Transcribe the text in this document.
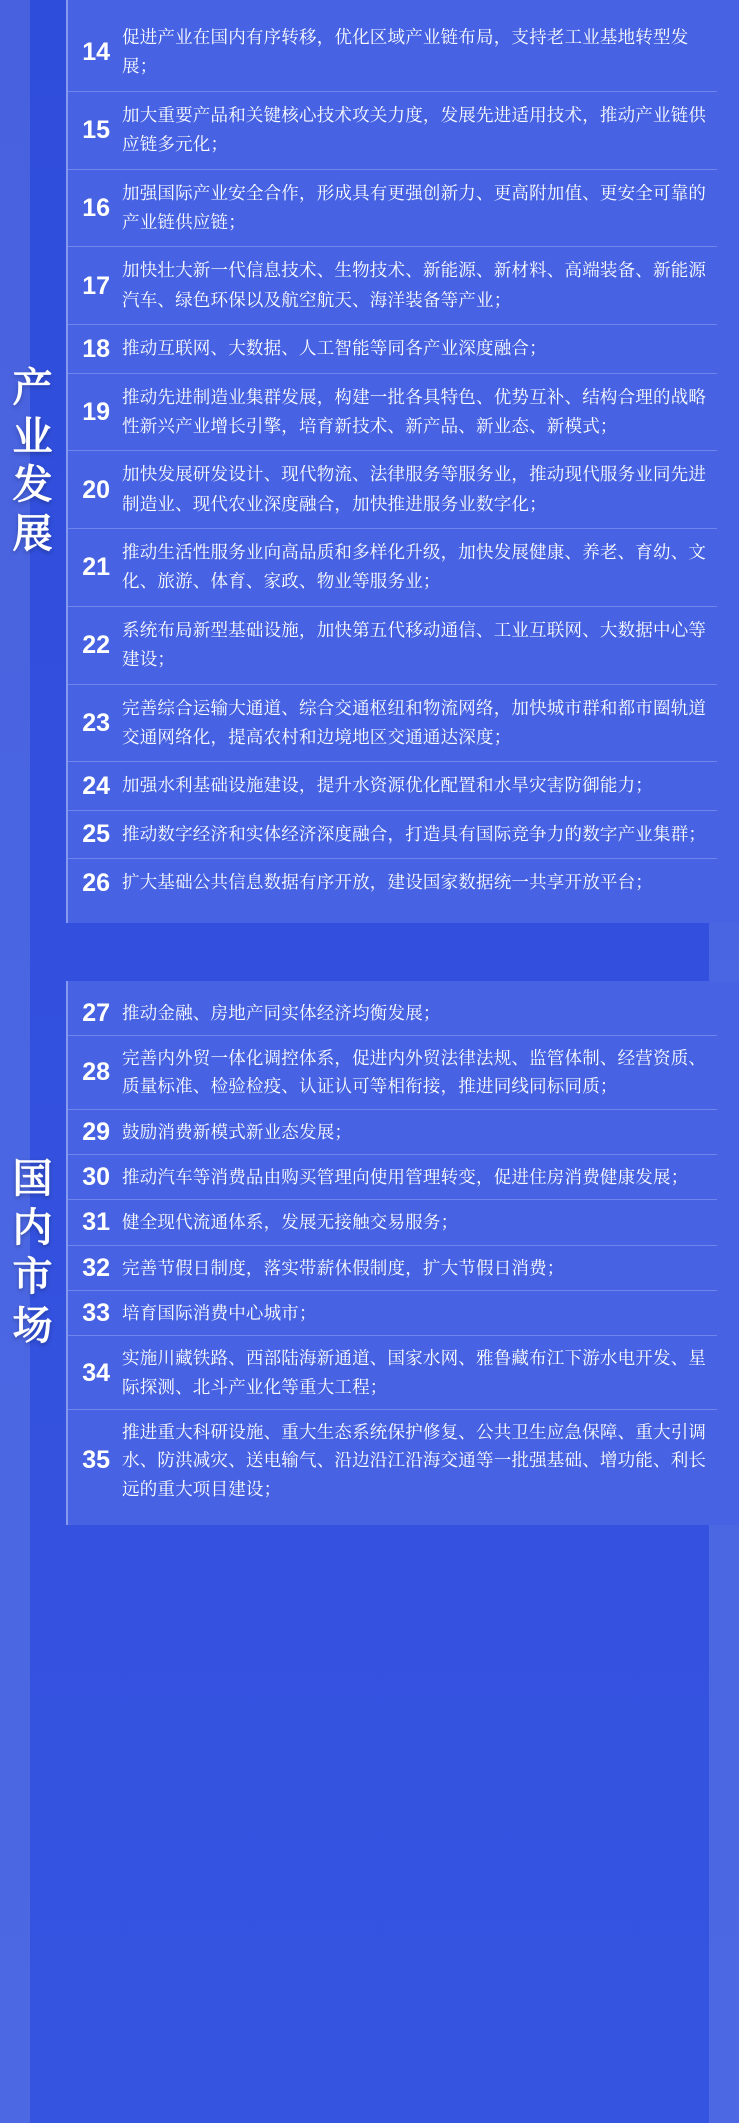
产
业
发
展
14
促进产业在国内有序转移，优化区域产业链布局，支持老工业基地转型发展；
15
加大重要产品和关键核心技术攻关力度，发展先进适用技术，推动产业链供应链多元化；
16
加强国际产业安全合作，形成具有更强创新力、更高附加值、更安全可靠的产业链供应链；
17
加快壮大新一代信息技术、生物技术、新能源、新材料、高端装备、新能源汽车、绿色环保以及航空航天、海洋装备等产业；
18 推动互联网、大数据、人工智能等同各产业深度融合；
19
推动先进制造业集群发展，构建一批各具特色、优势互补、结构合理的战略性新兴产业增长引擎，培育新技术、新产品、新业态、新模式；
20
加快发展研发设计、现代物流、法律服务等服务业，推动现代服务业同先进制造业、现代农业深度融合，加快推进服务业数字化；
21
推动生活性服务业向高品质和多样化升级，加快发展健康、养老、育幼、文化、旅游、体育、家政、物业等服务业；
22
系统布局新型基础设施，加快第五代移动通信、工业互联网、大数据中心等建设；
23
完善综合运输大通道、综合交通枢纽和物流网络，加快城市群和都市圈轨道交通网络化，提高农村和边境地区交通通达深度；
24 加强水利基础设施建设，提升水资源优化配置和水旱灾害防御能力；
25 推动数字经济和实体经济深度融合，打造具有国际竞争力的数字产业集群；
26 扩大基础公共信息数据有序开放，建设国家数据统一共享开放平台；
国
内
市
场
27 推动金融、房地产同实体经济均衡发展；
28
完善内外贸一体化调控体系，促进内外贸法律法规、监管体制、经营资质、质量标准、检验检疫、认证认可等相衔接，推进同线同标同质；
29 鼓励消费新模式新业态发展；
30 推动汽车等消费品由购买管理向使用管理转变，促进住房消费健康发展；
31 健全现代流通体系，发展无接触交易服务；
32 完善节假日制度，落实带薪休假制度，扩大节假日消费；
33 培育国际消费中心城市；
34
实施川藏铁路、西部陆海新通道、国家水网、雅鲁藏布江下游水电开发、星际探测、北斗产业化等重大工程；
35
推进重大科研设施、重大生态系统保护修复、公共卫生应急保障、重大引调水、防洪减灾、送电输气、沿边沿江沿海交通等一批强基础、增功能、利长远的重大项目建设；
